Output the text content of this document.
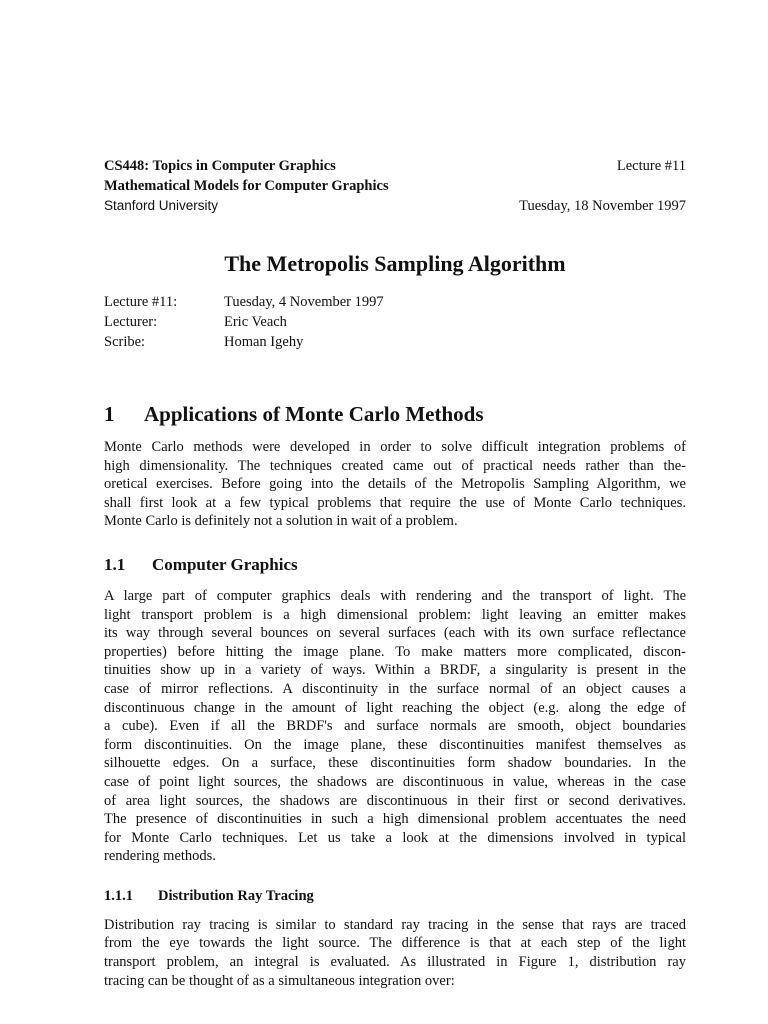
CS448: Topics in Computer Graphics	Lecture #11
Mathematical Models for Computer Graphics
Stanford University	Tuesday, 18 November 1997
The Metropolis Sampling Algorithm
Lecture #11:	Tuesday, 4 November 1997
Lecturer:	Eric Veach
Scribe:	Homan Igehy
1	Applications of Monte Carlo Methods
Monte Carlo methods were developed in order to solve difficult integration problems of
high dimensionality. The techniques created came out of practical needs rather than the-
oretical exercises. Before going into the details of the Metropolis Sampling Algorithm, we
shall first look at a few typical problems that require the use of Monte Carlo techniques.
Monte Carlo is definitely not a solution in wait of a problem.
1.1	Computer Graphics
A large part of computer graphics deals with rendering and the transport of light. The
light transport problem is a high dimensional problem: light leaving an emitter makes
its way through several bounces on several surfaces (each with its own surface reflectance
properties) before hitting the image plane. To make matters more complicated, discon-
tinuities show up in a variety of ways. Within a BRDF, a singularity is present in the
case of mirror reflections. A discontinuity in the surface normal of an object causes a
discontinuous change in the amount of light reaching the object (e.g. along the edge of
a cube). Even if all the BRDF's and surface normals are smooth, object boundaries
form discontinuities. On the image plane, these discontinuities manifest themselves as
silhouette edges. On a surface, these discontinuities form shadow boundaries. In the
case of point light sources, the shadows are discontinuous in value, whereas in the case
of area light sources, the shadows are discontinuous in their first or second derivatives.
The presence of discontinuities in such a high dimensional problem accentuates the need
for Monte Carlo techniques. Let us take a look at the dimensions involved in typical
rendering methods.
1.1.1	Distribution Ray Tracing
Distribution ray tracing is similar to standard ray tracing in the sense that rays are traced
from the eye towards the light source. The difference is that at each step of the light
transport problem, an integral is evaluated. As illustrated in Figure 1, distribution ray
tracing can be thought of as a simultaneous integration over:
